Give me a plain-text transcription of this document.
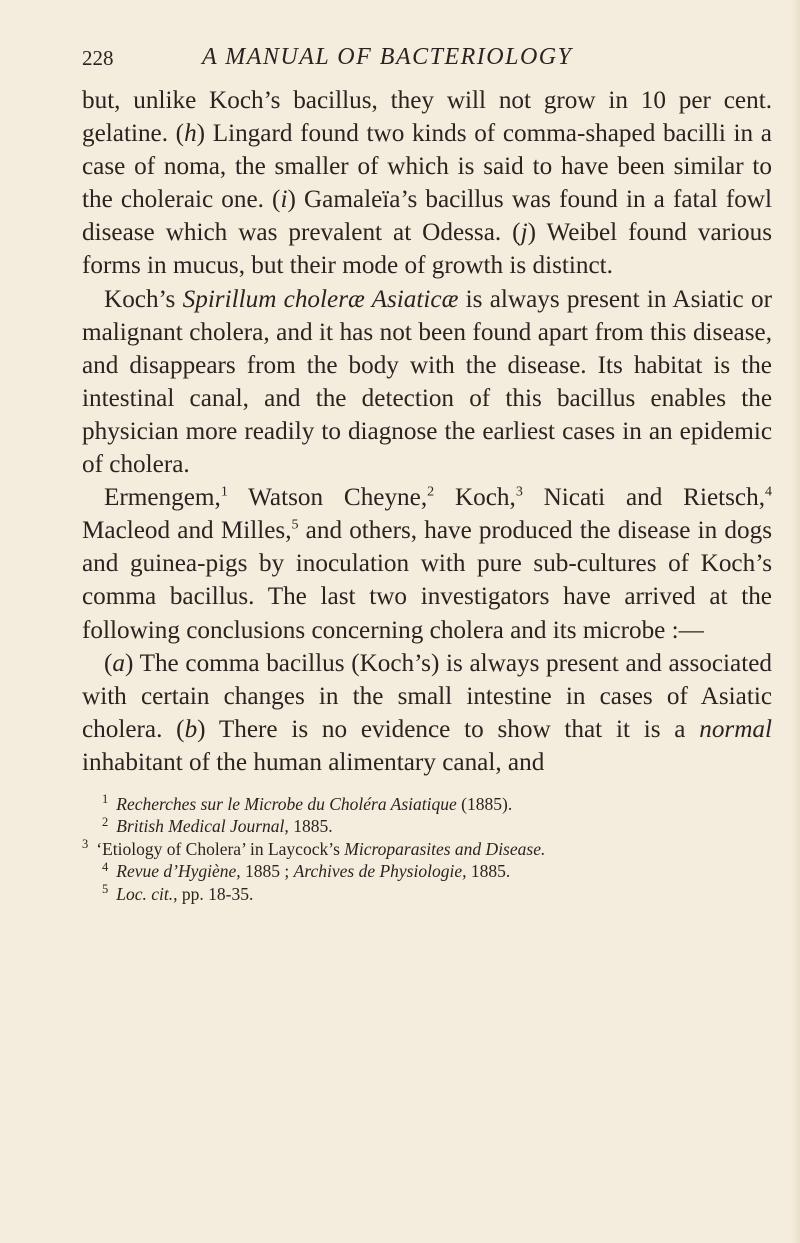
228	A MANUAL OF BACTERIOLOGY

but, unlike Koch’s bacillus, they will not grow in 10 per cent. gelatine. (h) Lingard found two kinds of comma-shaped bacilli in a case of noma, the smaller of which is said to have been similar to the choleraic one. (i) Gamaleïa’s bacillus was found in a fatal fowl disease which was prevalent at Odessa. (j) Weibel found various forms in mucus, but their mode of growth is distinct.

Koch’s Spirillum choleræ Asiaticæ is always present in Asiatic or malignant cholera, and it has not been found apart from this disease, and disappears from the body with the disease. Its habitat is the intestinal canal, and the detection of this bacillus enables the physician more readily to diagnose the earliest cases in an epidemic of cholera.

Ermengem,$^1$ Watson Cheyne,$^2$ Koch,$^3$ Nicati and Rietsch,$^4$ Macleod and Milles,$^5$ and others, have produced the disease in dogs and guinea-pigs by inoculation with pure sub-cultures of Koch’s comma bacillus. The last two investigators have arrived at the following conclusions concerning cholera and its microbe :—

(a) The comma bacillus (Koch’s) is always present and associated with certain changes in the small intestine in cases of Asiatic cholera. (b) There is no evidence to show that it is a normal inhabitant of the human alimentary canal, and

$^1$ Recherches sur le Microbe du Choléra Asiatique (1885).

$^2$ British Medical Journal, 1885.

$^3$ ‘Etiology of Cholera’ in Laycock’s Microparasites and Disease.

$^4$ Revue d’Hygiène, 1885 ; Archives de Physiologie, 1885.

$^5$ Loc. cit., pp. 18-35.
